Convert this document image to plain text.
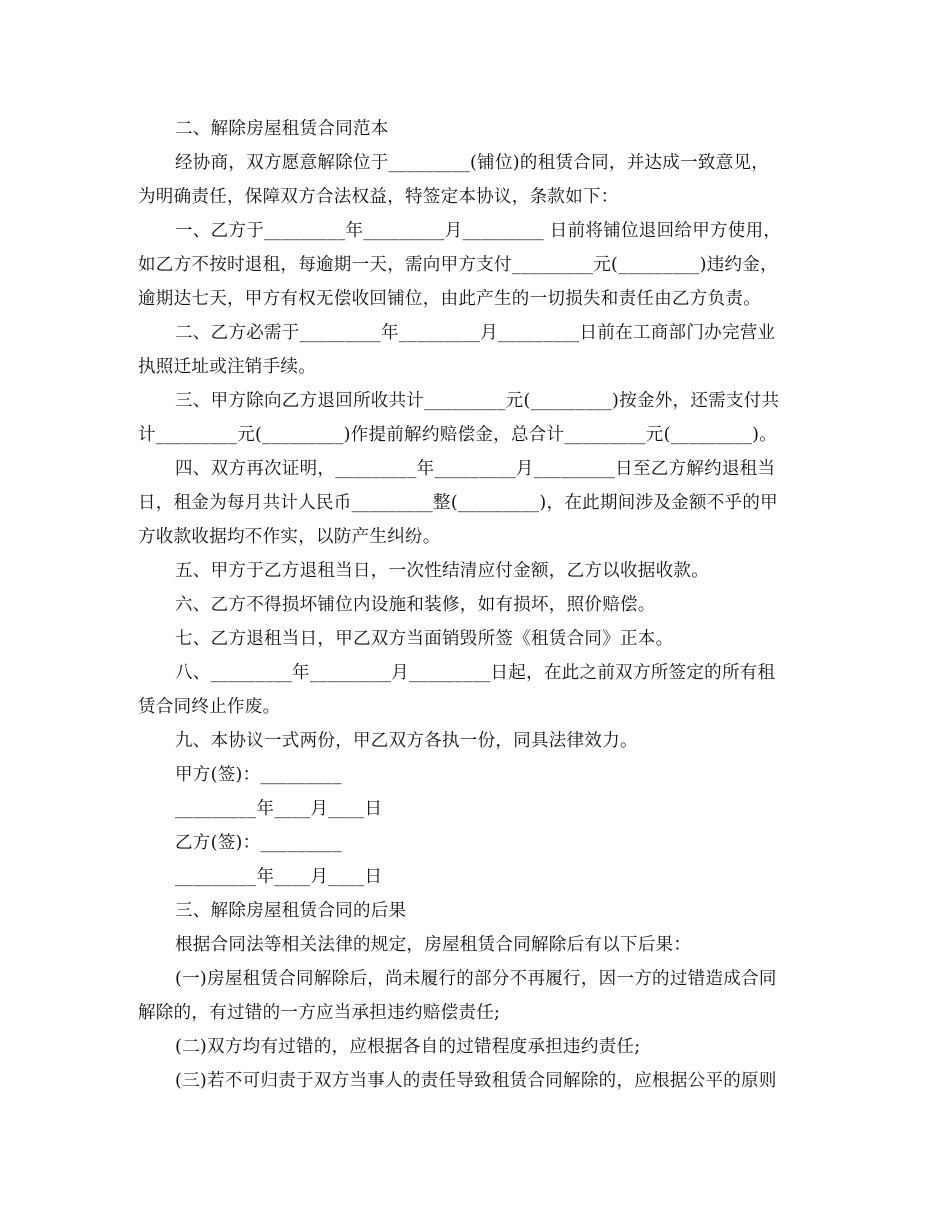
二、解除房屋租赁合同范本
经协商，双方愿意解除位于_________(铺位)的租赁合同，并达成一致意见，
为明确责任，保障双方合法权益，特签定本协议，条款如下：
一、乙方于_________年_________月_________ 日前将铺位退回给甲方使用，
如乙方不按时退租，每逾期一天，需向甲方支付_________元(_________)违约金，
逾期达七天，甲方有权无偿收回铺位，由此产生的一切损失和责任由乙方负责。
二、乙方必需于_________年_________月_________日前在工商部门办完营业
执照迁址或注销手续。
三、甲方除向乙方退回所收共计_________元(_________)按金外，还需支付共
计_________元(_________)作提前解约赔偿金，总合计_________元(_________)。
四、双方再次证明，_________年_________月_________日至乙方解约退租当
日，租金为每月共计人民币_________整(_________)，在此期间涉及金额不乎的甲
方收款收据均不作实，以防产生纠纷。
五、甲方于乙方退租当日，一次性结清应付金额，乙方以收据收款。
六、乙方不得损坏铺位内设施和装修，如有损坏，照价赔偿。
七、乙方退租当日，甲乙双方当面销毁所签《租赁合同》正本。
八、_________年_________月_________日起，在此之前双方所签定的所有租
赁合同终止作废。
九、本协议一式两份，甲乙双方各执一份，同具法律效力。
甲方(签)：_________
_________年____月____日
乙方(签)：_________
_________年____月____日
三、解除房屋租赁合同的后果
根据合同法等相关法律的规定，房屋租赁合同解除后有以下后果：
(一)房屋租赁合同解除后，尚未履行的部分不再履行，因一方的过错造成合同
解除的，有过错的一方应当承担违约赔偿责任;
(二)双方均有过错的，应根据各自的过错程度承担违约责任;
(三)若不可归责于双方当事人的责任导致租赁合同解除的，应根据公平的原则
